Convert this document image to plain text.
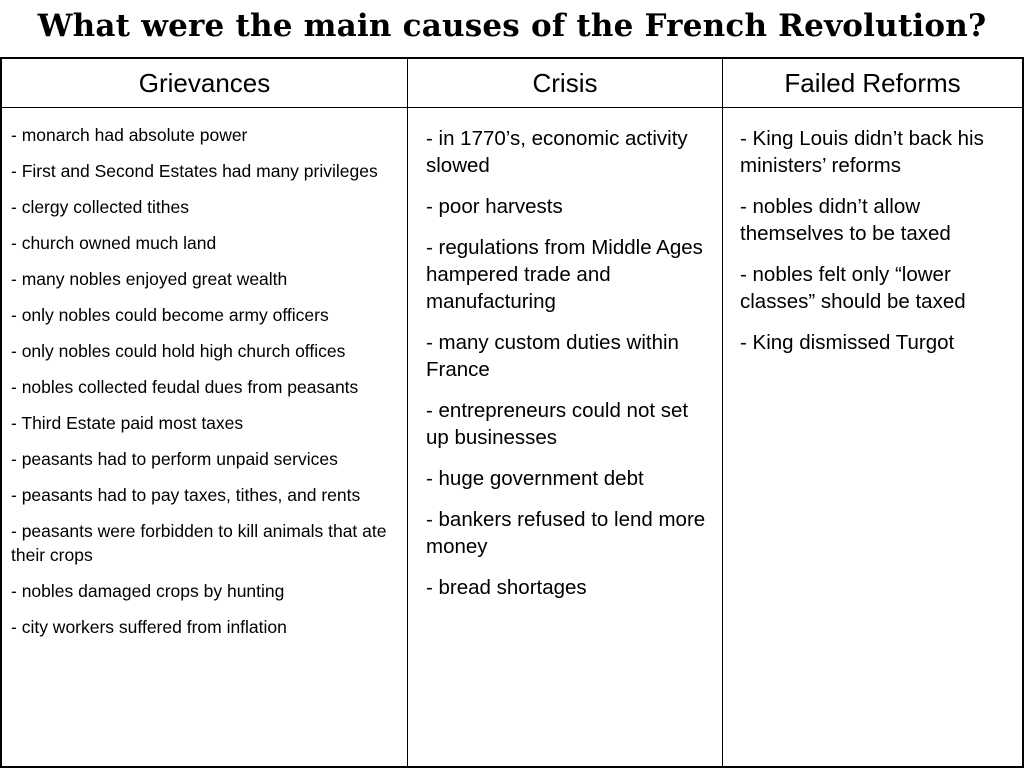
What were the main causes of the French Revolution?
Grievances	Crisis	Failed Reforms
- monarch had absolute power
- First and Second Estates had many privileges
- clergy collected tithes
- church owned much land
- many nobles enjoyed great wealth
- only nobles could become army officers
- only nobles could hold high church offices
- nobles collected feudal dues from peasants
- Third Estate paid most taxes
- peasants had to perform unpaid services
- peasants had to pay taxes, tithes, and rents
- peasants were forbidden to kill animals that ate their crops
- nobles damaged crops by hunting
- city workers suffered from inflation
- in 1770’s, economic activity slowed
- poor harvests
- regulations from Middle Ages hampered trade and manufacturing
- many custom duties within France
- entrepreneurs could not set up businesses
- huge government debt
- bankers refused to lend more money
- bread shortages
- King Louis didn’t back his ministers’ reforms
- nobles didn’t allow themselves to be taxed
- nobles felt only “lower classes” should be taxed
- King dismissed Turgot
